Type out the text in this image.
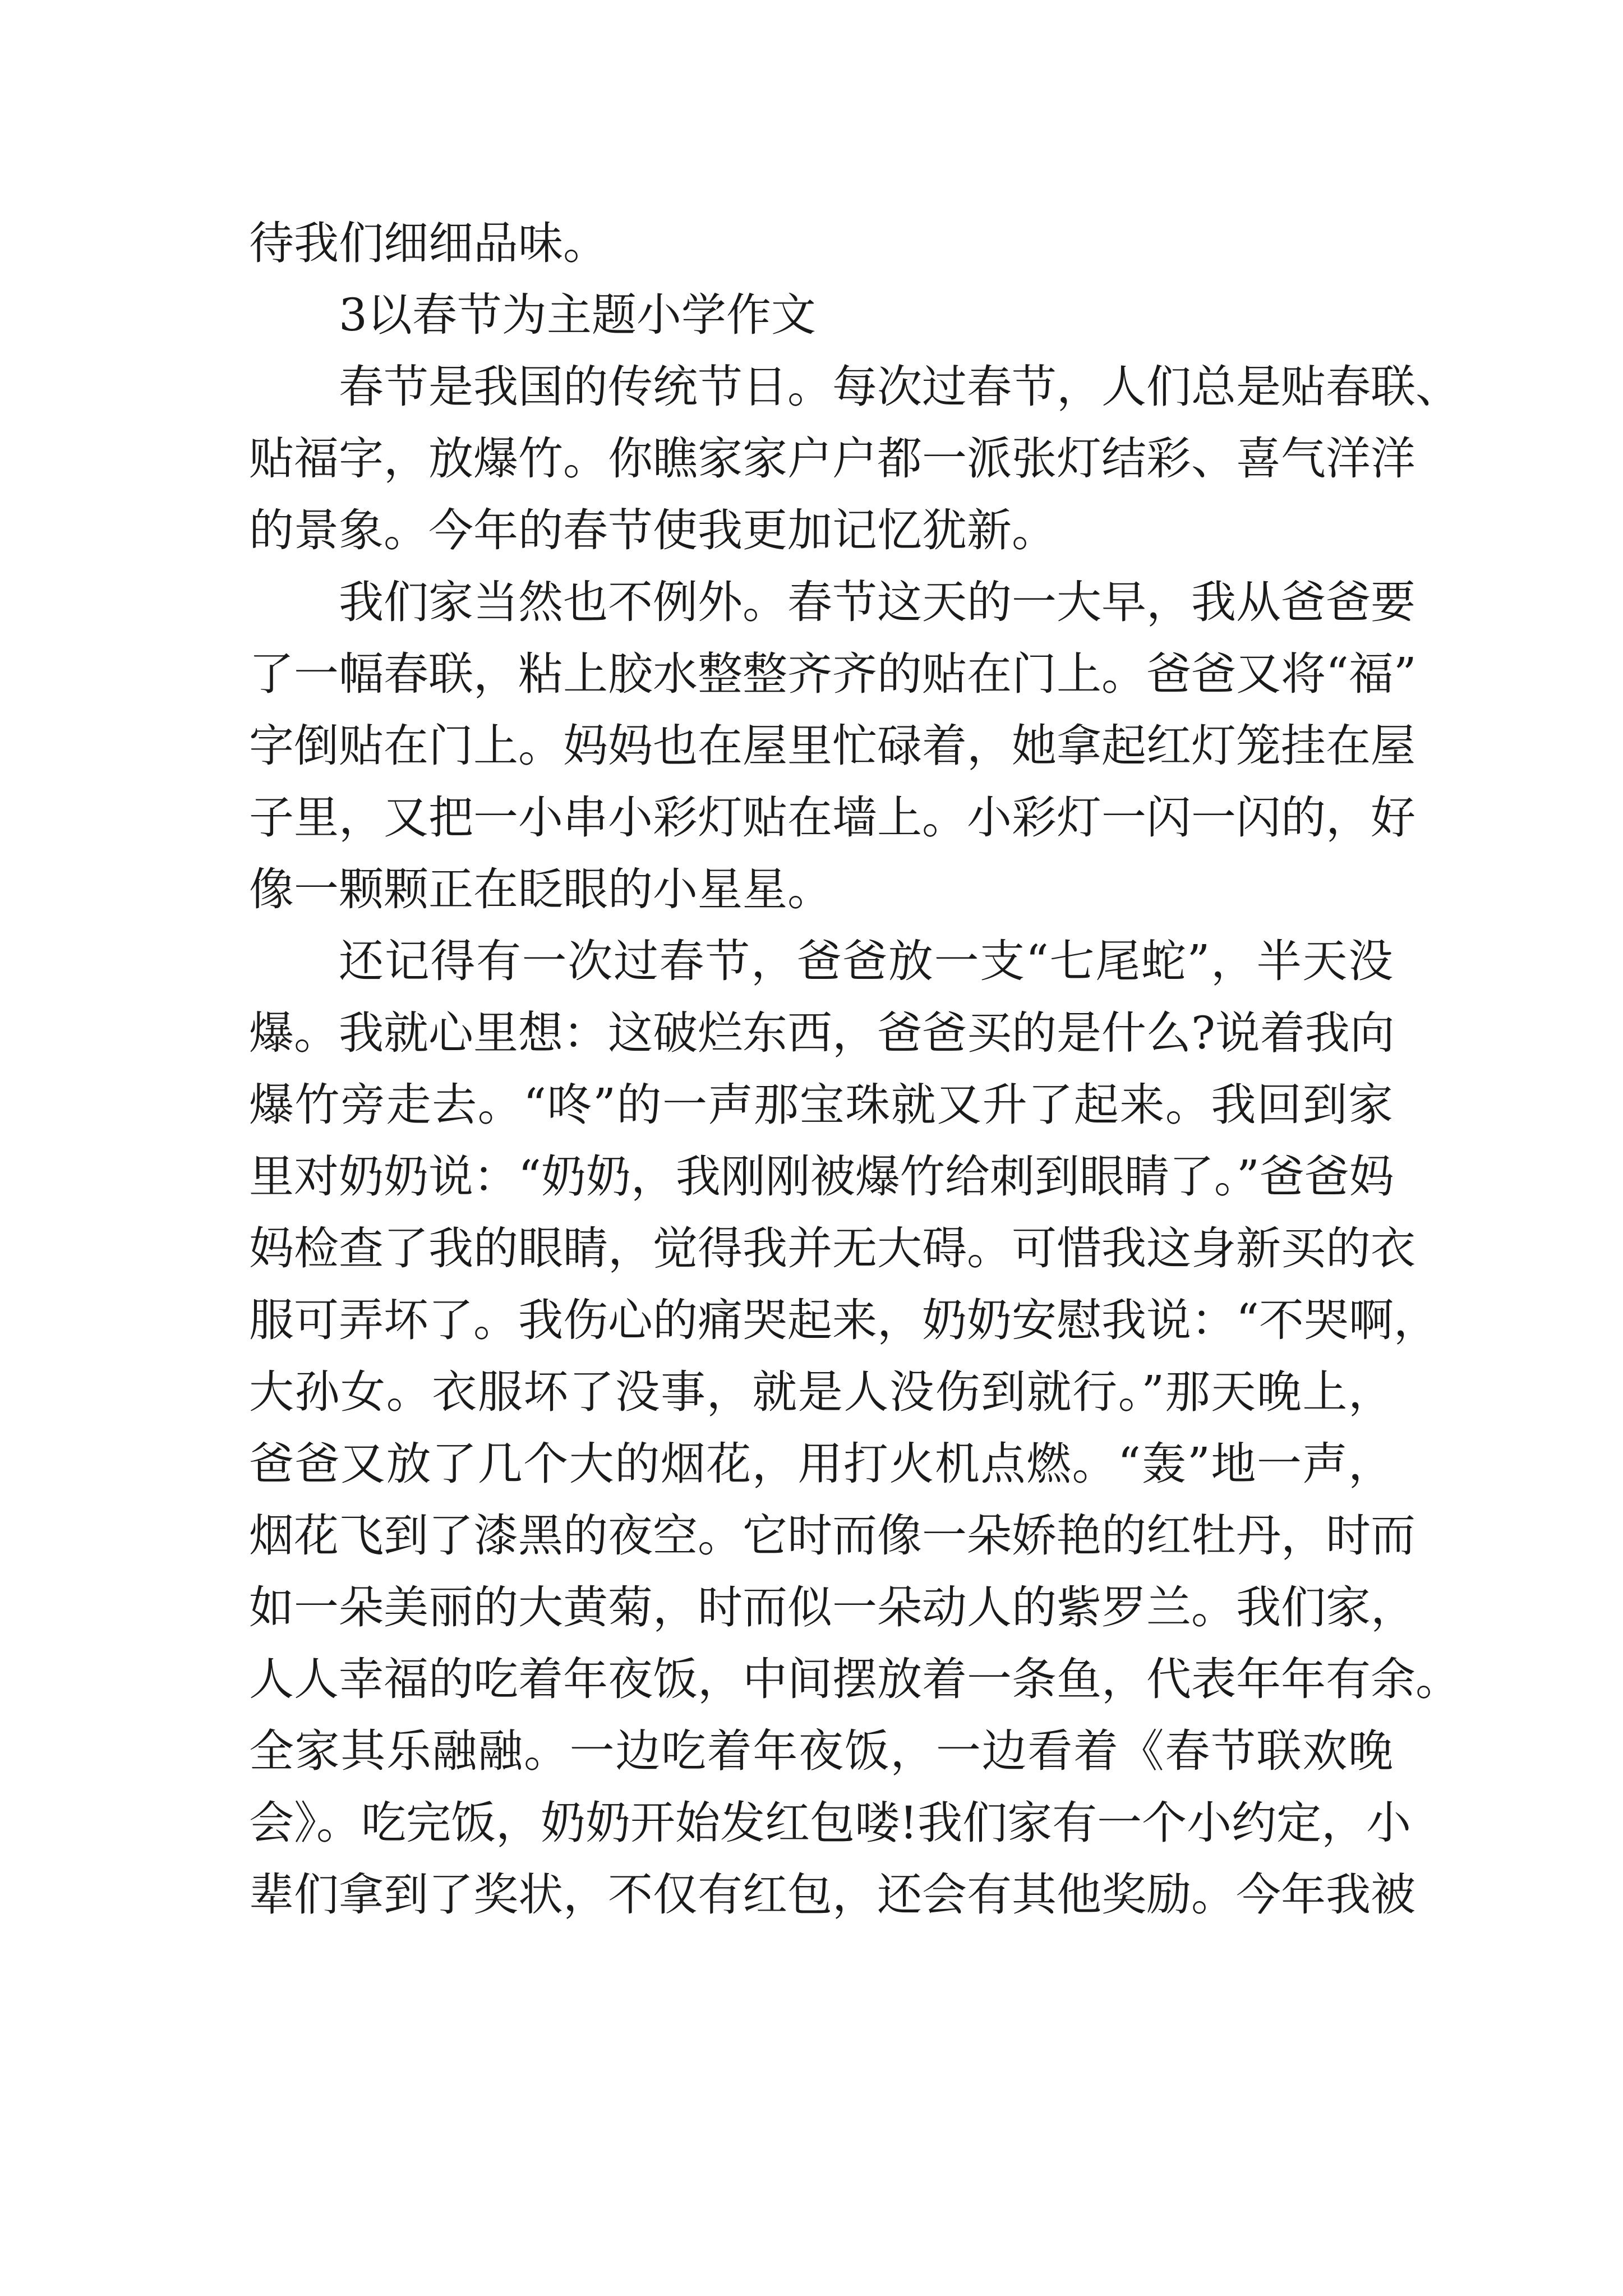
待我们细细品味。
3以春节为主题小学作文
春节是我国的传统节日。每次过春节，人们总是贴春联、
贴福字，放爆竹。你瞧家家户户都一派张灯结彩、喜气洋洋
的景象。今年的春节使我更加记忆犹新。
我们家当然也不例外。春节这天的一大早，我从爸爸要
了一幅春联，粘上胶水整整齐齐的贴在门上。爸爸又将“福”
字倒贴在门上。妈妈也在屋里忙碌着，她拿起红灯笼挂在屋
子里，又把一小串小彩灯贴在墙上。小彩灯一闪一闪的，好
像一颗颗正在眨眼的小星星。
还记得有一次过春节，爸爸放一支“七尾蛇”，半天没
爆。我就心里想：这破烂东西，爸爸买的是什么?说着我向
爆竹旁走去。“咚”的一声那宝珠就又升了起来。我回到家
里对奶奶说：“奶奶，我刚刚被爆竹给刺到眼睛了。”爸爸妈
妈检查了我的眼睛，觉得我并无大碍。可惜我这身新买的衣
服可弄坏了。我伤心的痛哭起来，奶奶安慰我说：“不哭啊，
大孙女。衣服坏了没事，就是人没伤到就行。”那天晚上，
爸爸又放了几个大的烟花，用打火机点燃。“轰”地一声，
烟花飞到了漆黑的夜空。它时而像一朵娇艳的红牡丹，时而
如一朵美丽的大黄菊，时而似一朵动人的紫罗兰。我们家，
人人幸福的吃着年夜饭，中间摆放着一条鱼，代表年年有余。
全家其乐融融。一边吃着年夜饭，一边看着《春节联欢晚
会》。吃完饭，奶奶开始发红包喽!我们家有一个小约定，小
辈们拿到了奖状，不仅有红包，还会有其他奖励。今年我被
